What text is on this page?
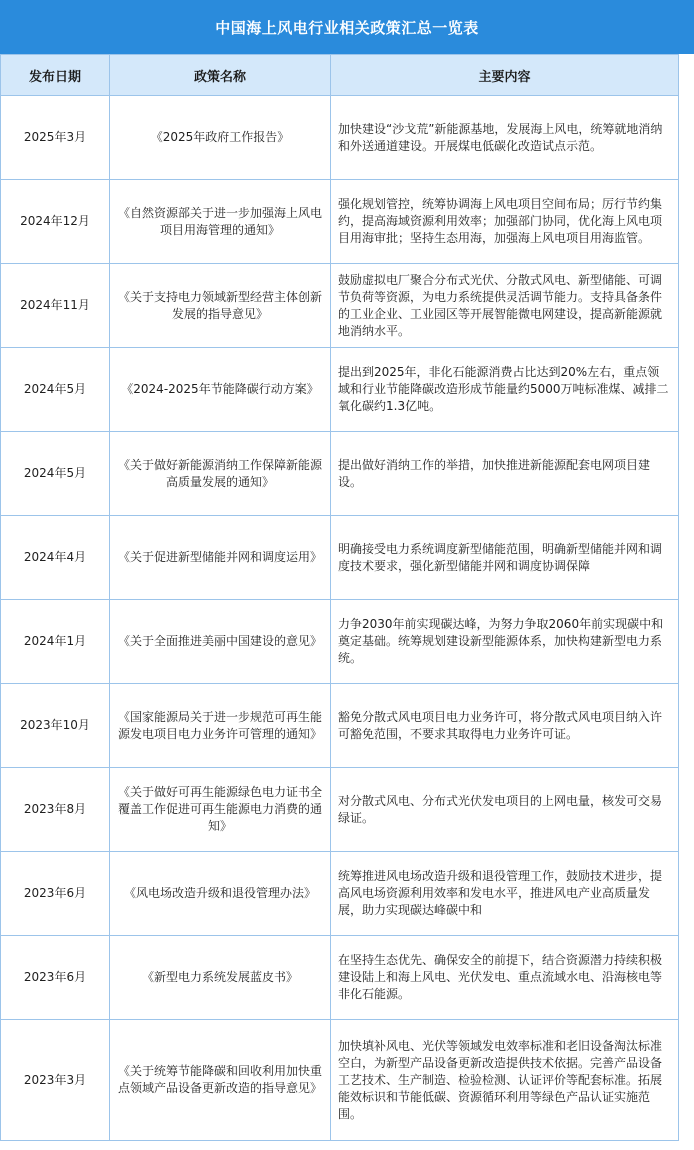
中国海上风电行业相关政策汇总一览表
发布日期	政策名称	主要内容
2025年3月	《2025年政府工作报告》	加快建设“沙戈荒”新能源基地，发展海上风电，统筹就地消纳和外送通道建设。开展煤电低碳化改造试点示范。
2024年12月	《自然资源部关于进一步加强海上风电项目用海管理的通知》	强化规划管控，统筹协调海上风电项目空间布局；厉行节约集约，提高海域资源利用效率；加强部门协同，优化海上风电项目用海审批；坚持生态用海，加强海上风电项目用海监管。
2024年11月	《关于支持电力领域新型经营主体创新发展的指导意见》	鼓励虚拟电厂聚合分布式光伏、分散式风电、新型储能、可调节负荷等资源，为电力系统提供灵活调节能力。支持具备条件的工业企业、工业园区等开展智能微电网建设，提高新能源就地消纳水平。
2024年5月	《2024-2025年节能降碳行动方案》	提出到2025年，非化石能源消费占比达到20%左右，重点领域和行业节能降碳改造形成节能量约5000万吨标准煤、减排二氧化碳约1.3亿吨。
2024年5月	《关于做好新能源消纳工作保障新能源高质量发展的通知》	提出做好消纳工作的举措，加快推进新能源配套电网项目建设。
2024年4月	《关于促进新型储能并网和调度运用》	明确接受电力系统调度新型储能范围，明确新型储能并网和调度技术要求，强化新型储能并网和调度协调保障
2024年1月	《关于全面推进美丽中国建设的意见》	力争2030年前实现碳达峰，为努力争取2060年前实现碳中和奠定基础。统筹规划建设新型能源体系，加快构建新型电力系统。
2023年10月	《国家能源局关于进一步规范可再生能源发电项目电力业务许可管理的通知》	豁免分散式风电项目电力业务许可，将分散式风电项目纳入许可豁免范围，不要求其取得电力业务许可证。
2023年8月	《关于做好可再生能源绿色电力证书全覆盖工作促进可再生能源电力消费的通知》	对分散式风电、分布式光伏发电项目的上网电量，核发可交易绿证。
2023年6月	《风电场改造升级和退役管理办法》	统筹推进风电场改造升级和退役管理工作，鼓励技术进步，提高风电场资源利用效率和发电水平，推进风电产业高质量发展，助力实现碳达峰碳中和
2023年6月	《新型电力系统发展蓝皮书》	在坚持生态优先、确保安全的前提下，结合资源潜力持续积极建设陆上和海上风电、光伏发电、重点流域水电、沿海核电等非化石能源。
2023年3月	《关于统筹节能降碳和回收利用加快重点领域产品设备更新改造的指导意见》	加快填补风电、光伏等领域发电效率标准和老旧设备淘汰标准空白，为新型产品设备更新改造提供技术依据。完善产品设备工艺技术、生产制造、检验检测、认证评价等配套标准。拓展能效标识和节能低碳、资源循环利用等绿色产品认证实施范围。
